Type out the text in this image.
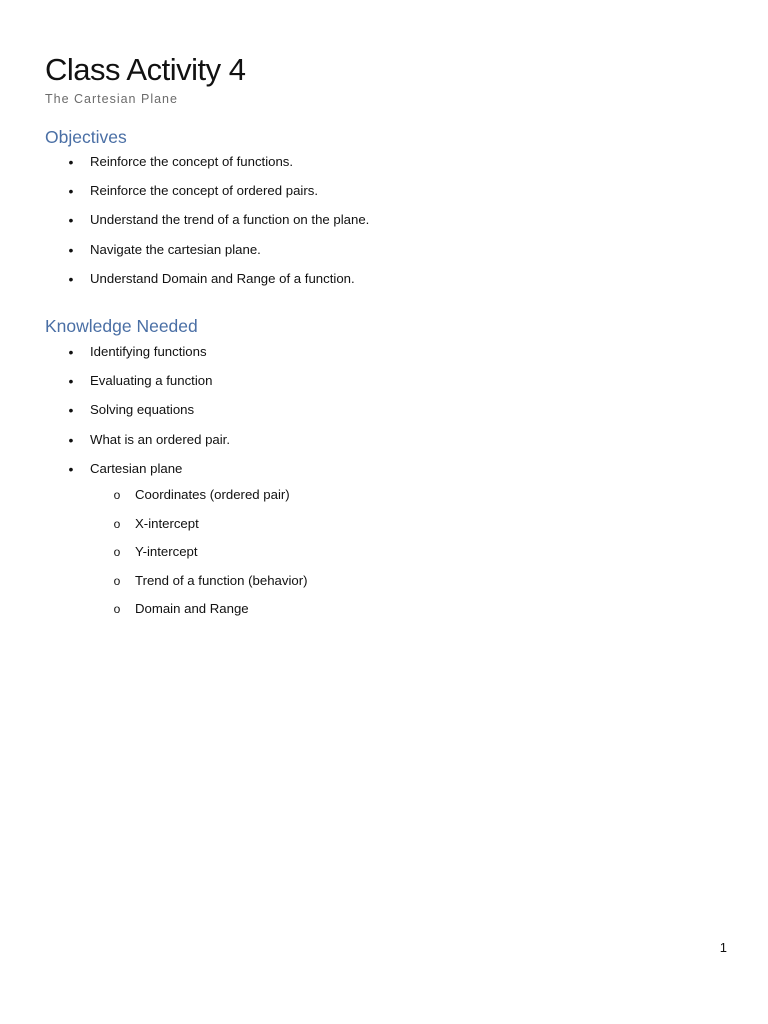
Class Activity 4
The Cartesian Plane
Objectives
• Reinforce the concept of functions.
• Reinforce the concept of ordered pairs.
• Understand the trend of a function on the plane.
• Navigate the cartesian plane.
• Understand Domain and Range of a function.
Knowledge Needed
• Identifying functions
• Evaluating a function
• Solving equations
• What is an ordered pair.
• Cartesian plane
o Coordinates (ordered pair)
o X-intercept
o Y-intercept
o Trend of a function (behavior)
o Domain and Range
1
